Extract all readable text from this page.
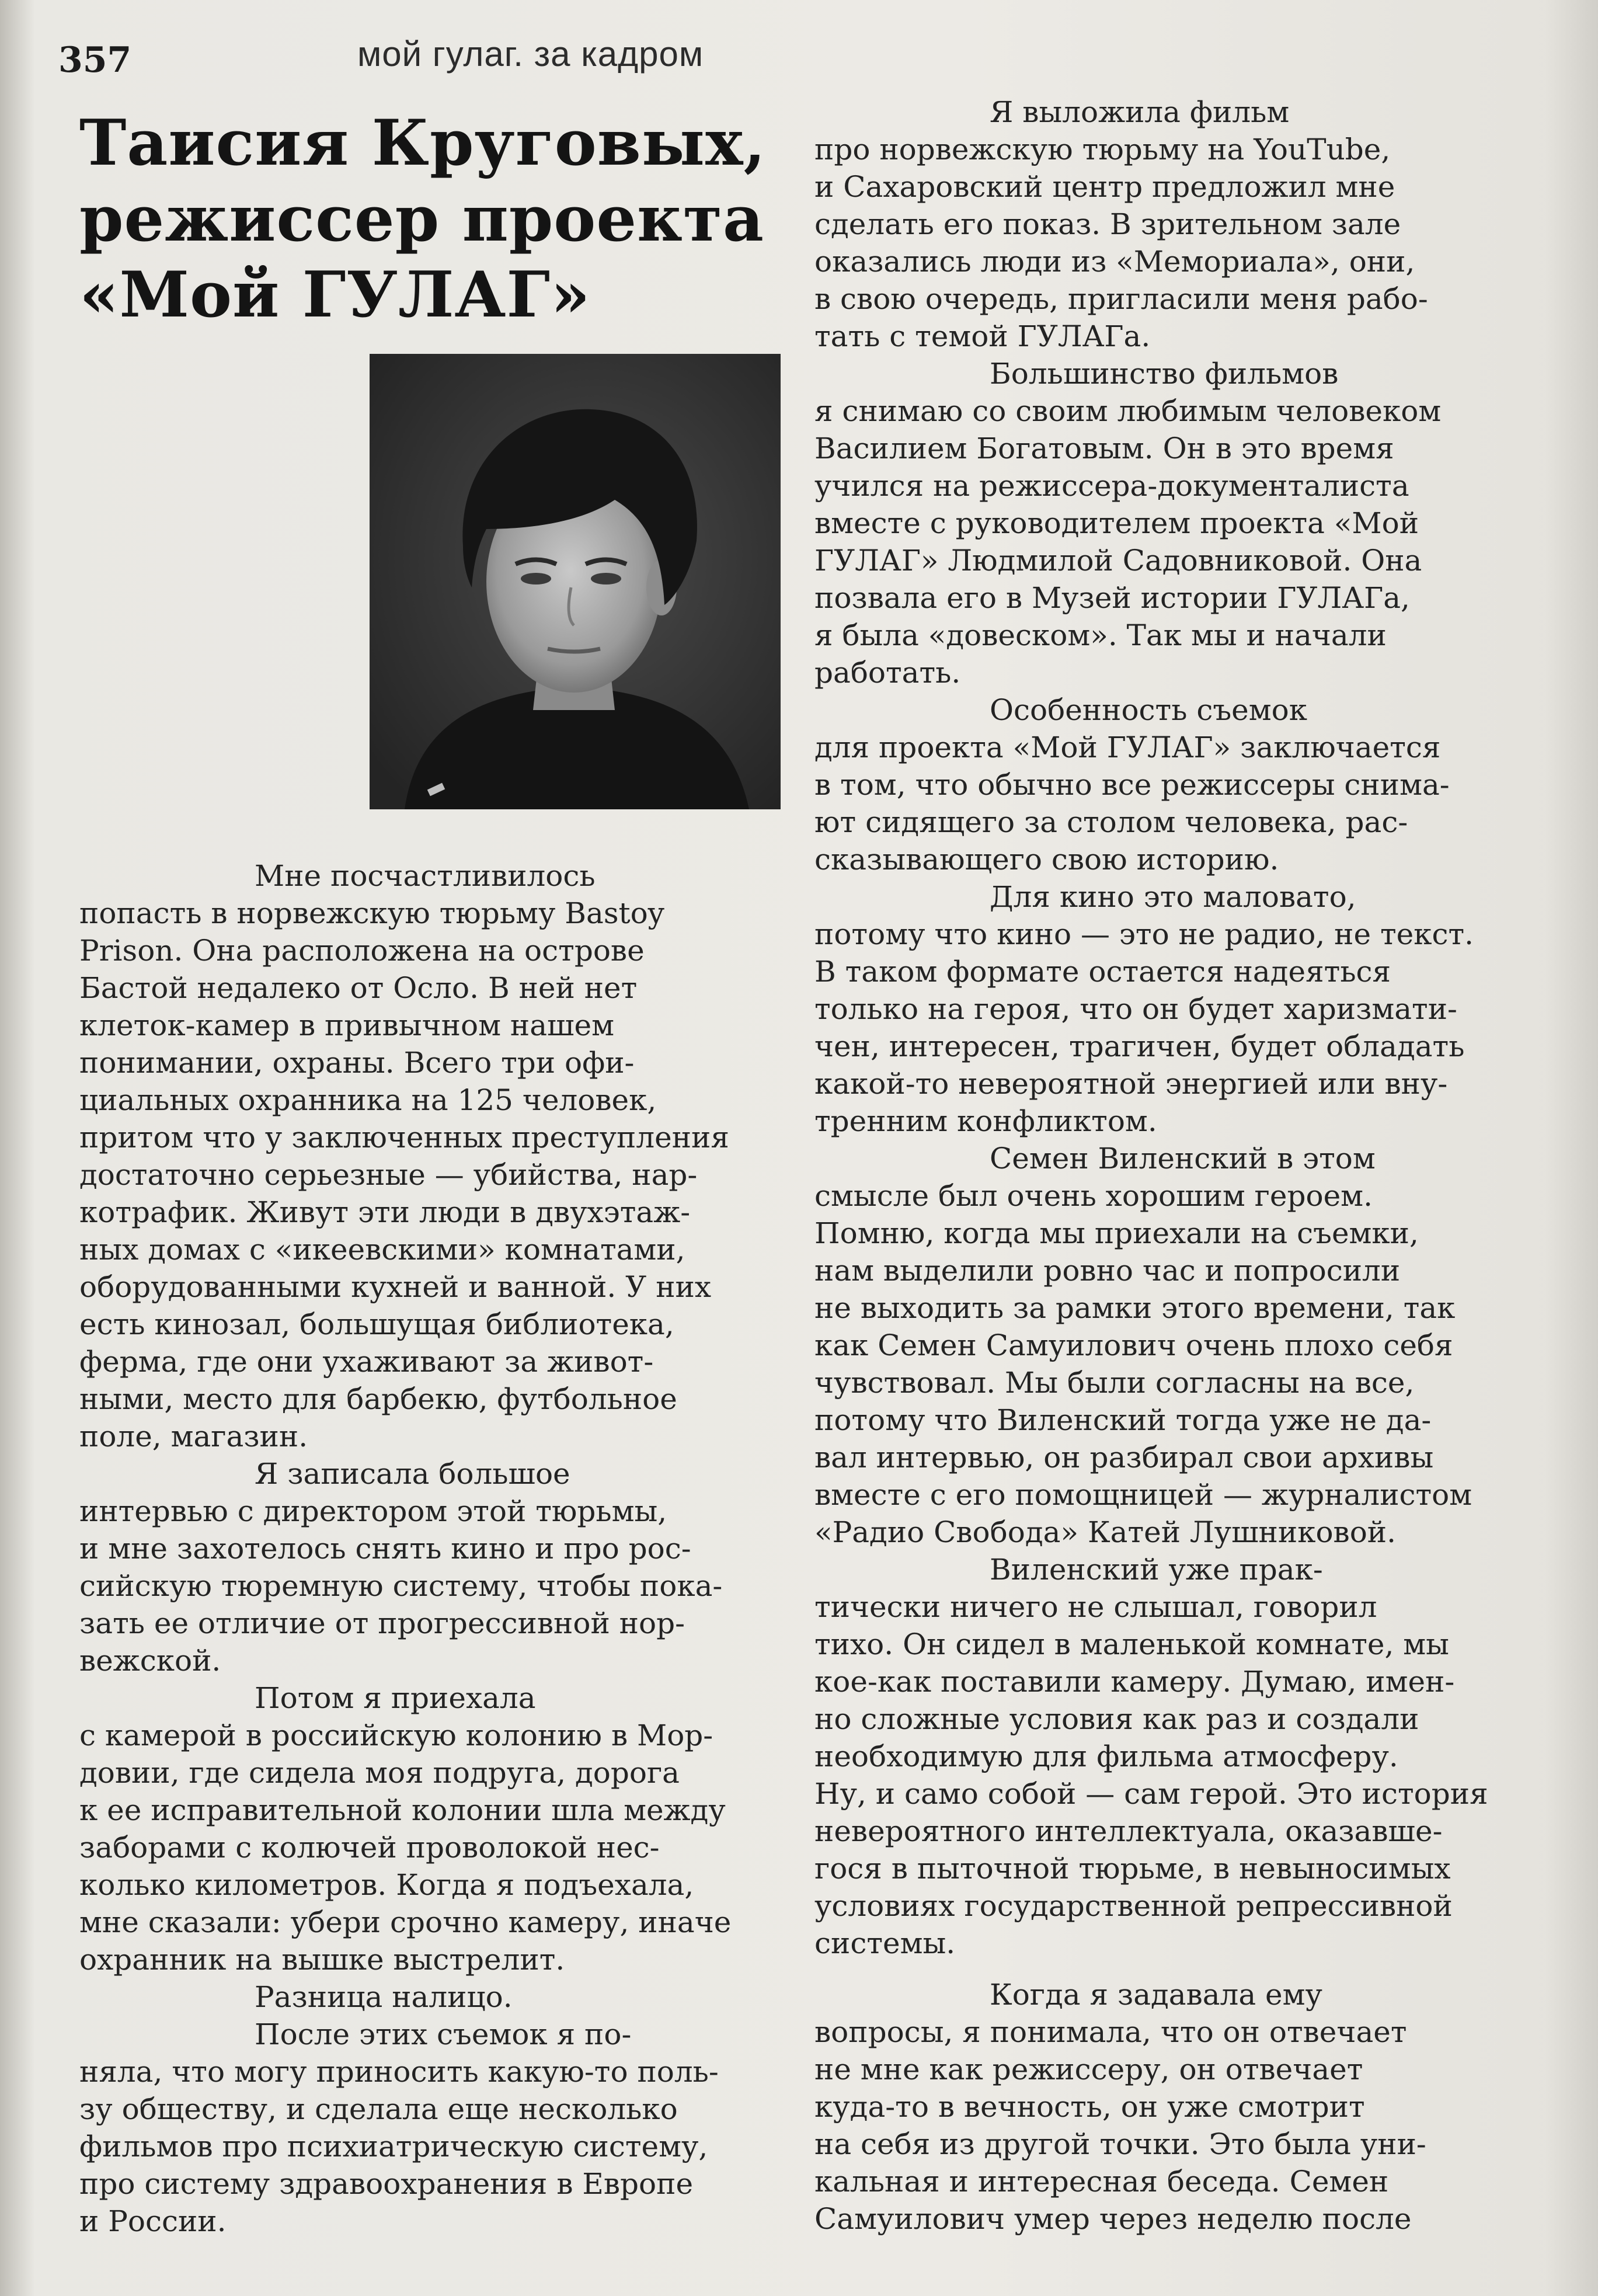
357	мой гулаг. за кадром

Таисия Круговых,
режиссер проекта
«Мой ГУЛАГ»
Мне посчастливилось
попасть в норвежскую тюрьму Bastoy
Prison. Она расположена на острове
Бастой недалеко от Осло. В ней нет
клеток-камер в привычном нашем
понимании, охраны. Всего три офи-
циальных охранника на 125 человек,
притом что у заключенных преступления
достаточно серьезные — убийства, нар-
котрафик. Живут эти люди в двухэтаж-
ных домах с «икеевскими» комнатами,
оборудованными кухней и ванной. У них
есть кинозал, большущая библиотека,
ферма, где они ухаживают за живот-
ными, место для барбекю, футбольное
поле, магазин.
Я записала большое
интервью с директором этой тюрьмы,
и мне захотелось снять кино и про рос-
сийскую тюремную систему, чтобы пока-
зать ее отличие от прогрессивной нор-
вежской.
Потом я приехала
с камерой в российскую колонию в Мор-
довии, где сидела моя подруга, дорога
к ее исправительной колонии шла между
заборами с колючей проволокой нес-
колько километров. Когда я подъехала,
мне сказали: убери срочно камеру, иначе
охранник на вышке выстрелит.
Разница налицо.
После этих съемок я по-
няла, что могу приносить какую-то поль-
зу обществу, и сделала еще несколько
фильмов про психиатрическую систему,
про систему здравоохранения в Европе
и России.
Я выложила фильм
про норвежскую тюрьму на YouTube,
и Сахаровский центр предложил мне
сделать его показ. В зрительном зале
оказались люди из «Мемориала», они,
в свою очередь, пригласили меня рабо-
тать с темой ГУЛАГа.
Большинство фильмов
я снимаю со своим любимым человеком
Василием Богатовым. Он в это время
учился на режиссера-документалиста
вместе с руководителем проекта «Мой
ГУЛАГ» Людмилой Садовниковой. Она
позвала его в Музей истории ГУЛАГа,
я была «довеском». Так мы и начали
работать.
Особенность съемок
для проекта «Мой ГУЛАГ» заключается
в том, что обычно все режиссеры снима-
ют сидящего за столом человека, рас-
сказывающего свою историю.
Для кино это маловато,
потому что кино — это не радио, не текст.
В таком формате остается надеяться
только на героя, что он будет харизмати-
чен, интересен, трагичен, будет обладать
какой-то невероятной энергией или вну-
тренним конфликтом.
Семен Виленский в этом
смысле был очень хорошим героем.
Помню, когда мы приехали на съемки,
нам выделили ровно час и попросили
не выходить за рамки этого времени, так
как Семен Самуилович очень плохо себя
чувствовал. Мы были согласны на все,
потому что Виленский тогда уже не да-
вал интервью, он разбирал свои архивы
вместе с его помощницей — журналистом
«Радио Свобода» Катей Лушниковой.
Виленский уже прак-
тически ничего не слышал, говорил
тихо. Он сидел в маленькой комнате, мы
кое-как поставили камеру. Думаю, имен-
но сложные условия как раз и создали
необходимую для фильма атмосферу.
Ну, и само собой — сам герой. Это история
невероятного интеллектуала, оказавше-
гося в пыточной тюрьме, в невыносимых
условиях государственной репрессивной
системы.
Когда я задавала ему
вопросы, я понимала, что он отвечает
не мне как режиссеру, он отвечает
куда-то в вечность, он уже смотрит
на себя из другой точки. Это была уни-
кальная и интересная беседа. Семен
Самуилович умер через неделю после
